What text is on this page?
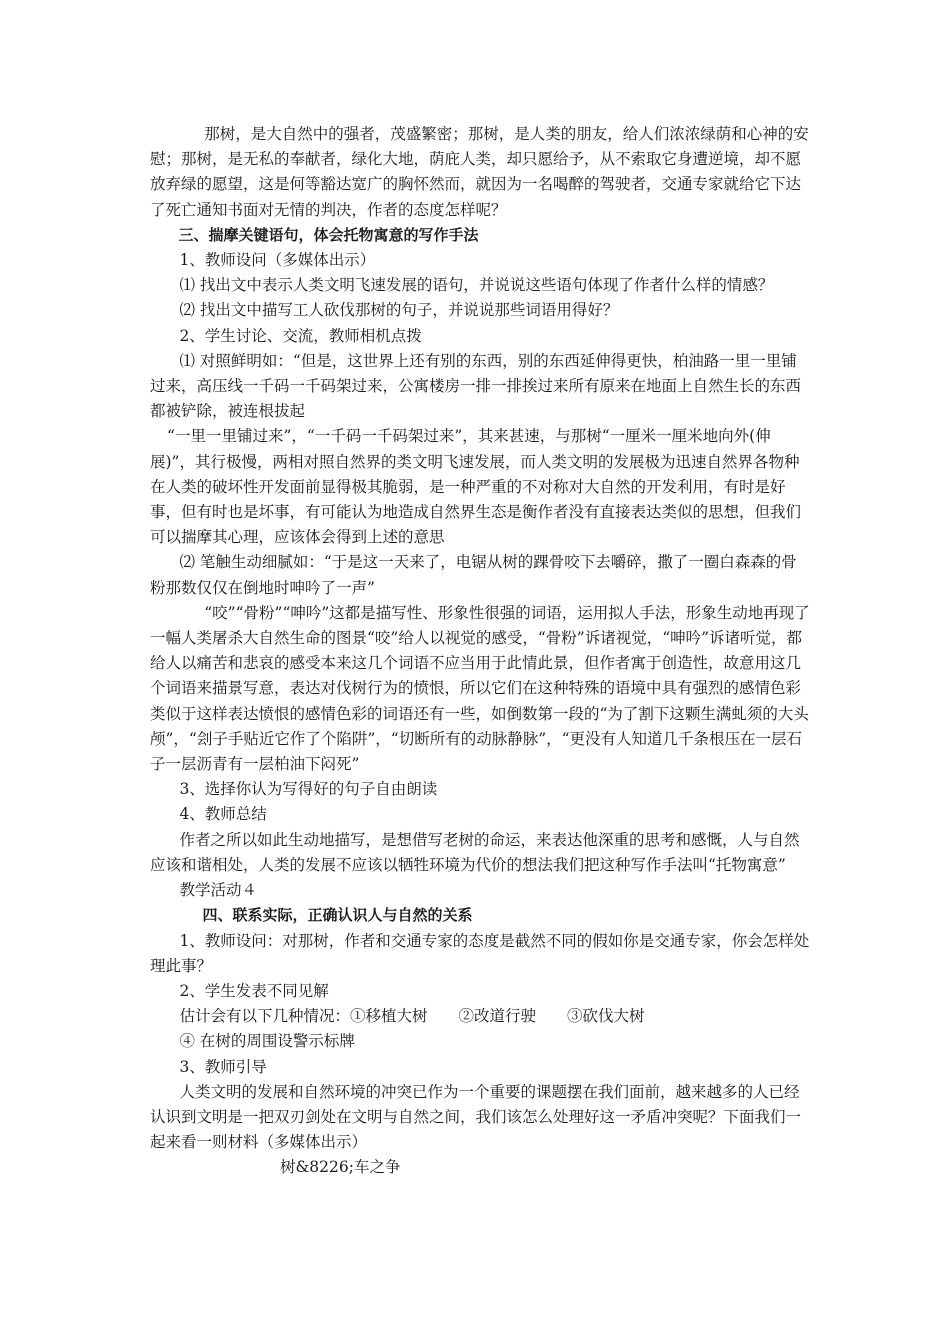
那树，是大自然中的强者，茂盛繁密；那树，是人类的朋友，给人们浓浓绿荫和心神的安慰；那树，是无私的奉献者，绿化大地，荫庇人类，却只愿给予，从不索取它身遭逆境，却不愿放弃绿的愿望，这是何等豁达宽广的胸怀然而，就因为一名喝醉的驾驶者，交通专家就给它下达了死亡通知书面对无情的判决，作者的态度怎样呢？

三、揣摩关键语句，体会托物寓意的写作手法

1、教师设问（多媒体出示）

⑴ 找出文中表示人类文明飞速发展的语句，并说说这些语句体现了作者什么样的情感？

⑵ 找出文中描写工人砍伐那树的句子，并说说那些词语用得好？

2、学生讨论、交流，教师相机点拨

⑴ 对照鲜明如：“但是，这世界上还有别的东西，别的东西延伸得更快，柏油路一里一里铺过来，高压线一千码一千码架过来，公寓楼房一排一排挨过来所有原来在地面上自然生长的东西都被铲除，被连根拔起

“一里一里铺过来”，“一千码一千码架过来”，其来甚速，与那树“一厘米一厘米地向外(伸展)”，其行极慢，两相对照自然界的类文明飞速发展，而人类文明的发展极为迅速自然界各物种在人类的破坏性开发面前显得极其脆弱，是一种严重的不对称对大自然的开发利用，有时是好事，但有时也是坏事，有可能认为地造成自然界生态是衡作者没有直接表达类似的思想，但我们可以揣摩其心理，应该体会得到上述的意思

⑵ 笔触生动细腻如：“于是这一天来了，电锯从树的踝骨咬下去嚼碎，撒了一圈白森森的骨粉那数仅仅在倒地时呻吟了一声”

“咬”“骨粉”“呻吟”这都是描写性、形象性很强的词语，运用拟人手法，形象生动地再现了一幅人类屠杀大自然生命的图景“咬”给人以视觉的感受，“骨粉”诉诸视觉，“呻吟”诉诸听觉，都给人以痛苦和悲哀的感受本来这几个词语不应当用于此情此景，但作者寓于创造性，故意用这几个词语来描景写意，表达对伐树行为的愤恨，所以它们在这种特殊的语境中具有强烈的感情色彩类似于这样表达愤恨的感情色彩的词语还有一些，如倒数第一段的“为了割下这颗生满虬须的大头颅”，“刽子手贴近它作了个陷阱”，“切断所有的动脉静脉”，“更没有人知道几千条根压在一层石子一层沥青有一层柏油下闷死”

3、选择你认为写得好的句子自由朗读

4、教师总结

作者之所以如此生动地描写，是想借写老树的命运，来表达他深重的思考和感慨，人与自然应该和谐相处，人类的发展不应该以牺牲环境为代价的想法我们把这种写作手法叫“托物寓意”

教学活动４

四、联系实际，正确认识人与自然的关系

1、教师设问：对那树，作者和交通专家的态度是截然不同的假如你是交通专家，你会怎样处理此事？

2、学生发表不同见解

估计会有以下几种情况：①移植大树　　②改道行驶　　③砍伐大树

④ 在树的周围设警示标牌

3、教师引导

人类文明的发展和自然环境的冲突已作为一个重要的课题摆在我们面前，越来越多的人已经认识到文明是一把双刃剑处在文明与自然之间，我们该怎么处理好这一矛盾冲突呢？下面我们一起来看一则材料（多媒体出示）

树&8226;车之争
